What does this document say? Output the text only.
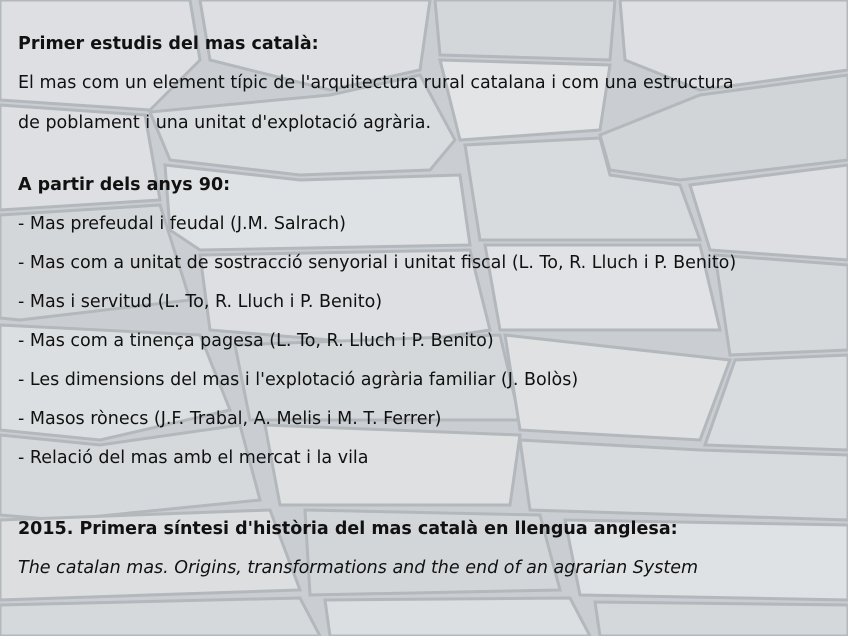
Primer estudis del mas català:
El mas com un element típic de l'arquitectura rural catalana i com una estructura
de poblament i una unitat d'explotació agrària.
A partir dels anys 90:
- Mas prefeudal i feudal (J.M. Salrach)
- Mas com a unitat de sostracció senyorial i unitat fiscal (L. To, R. Lluch i P. Benito)
- Mas i servitud (L. To, R. Lluch i P. Benito)
- Mas com a tinença pagesa (L. To, R. Lluch i P. Benito)
- Les dimensions del mas i l'explotació agrària familiar (J. Bolòs)
- Masos rònecs (J.F. Trabal, A. Melis i M. T. Ferrer)
- Relació del mas amb el mercat i la vila
2015. Primera síntesi d'història del mas català en llengua anglesa:
The catalan mas. Origins, transformations and the end of an agrarian System
